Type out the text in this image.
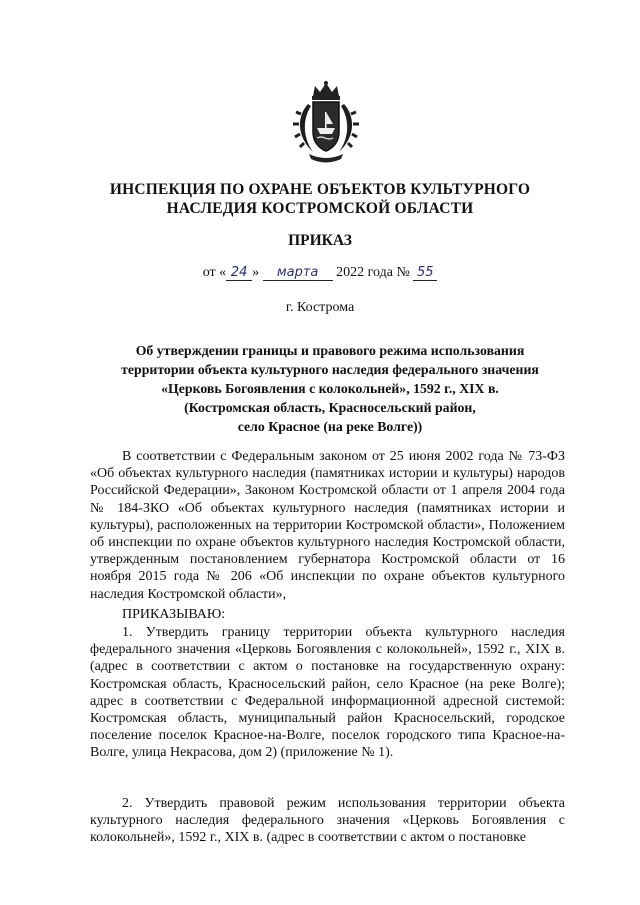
ИНСПЕКЦИЯ ПО ОХРАНЕ ОБЪЕКТОВ КУЛЬТУРНОГО
НАСЛЕДИЯ КОСТРОМСКОЙ ОБЛАСТИ
ПРИКАЗ
от « 24 » марта 2022 года № 55
г. Кострома
Об утверждении границы и правового режима использования
территории объекта культурного наследия федерального значения
«Церковь Богоявления с колокольней», 1592 г., XIX в.
(Костромская область, Красносельский район,
село Красное (на реке Волге))

В соответствии с Федеральным законом от 25 июня 2002 года № 73-ФЗ «Об объектах культурного наследия (памятниках истории и культуры) народов Российской Федерации», Законом Костромской области от 1 апреля 2004 года № 184-ЗКО «Об объектах культурного наследия (памятниках истории и культуры), расположенных на территории Костромской области», Положением об инспекции по охране объектов культурного наследия Костромской области, утвержденным постановлением губернатора Костромской области от 16 ноября 2015 года № 206 «Об инспекции по охране объектов культурного наследия Костромской области»,

ПРИКАЗЫВАЮ:

1. Утвердить границу территории объекта культурного наследия федерального значения «Церковь Богоявления с колокольней», 1592 г., XIX в. (адрес в соответствии с актом о постановке на государственную охрану: Костромская область, Красносельский район, село Красное (на реке Волге); адрес в соответствии с Федеральной информационной адресной системой: Костромская область, муниципальный район Красносельский, городское поселение поселок Красное-на-Волге, поселок городского типа Красное-на-Волге, улица Некрасова, дом 2) (приложение № 1).

2. Утвердить правовой режим использования территории объекта культурного наследия федерального значения «Церковь Богоявления с колокольней», 1592 г., XIX в. (адрес в соответствии с актом о постановке
